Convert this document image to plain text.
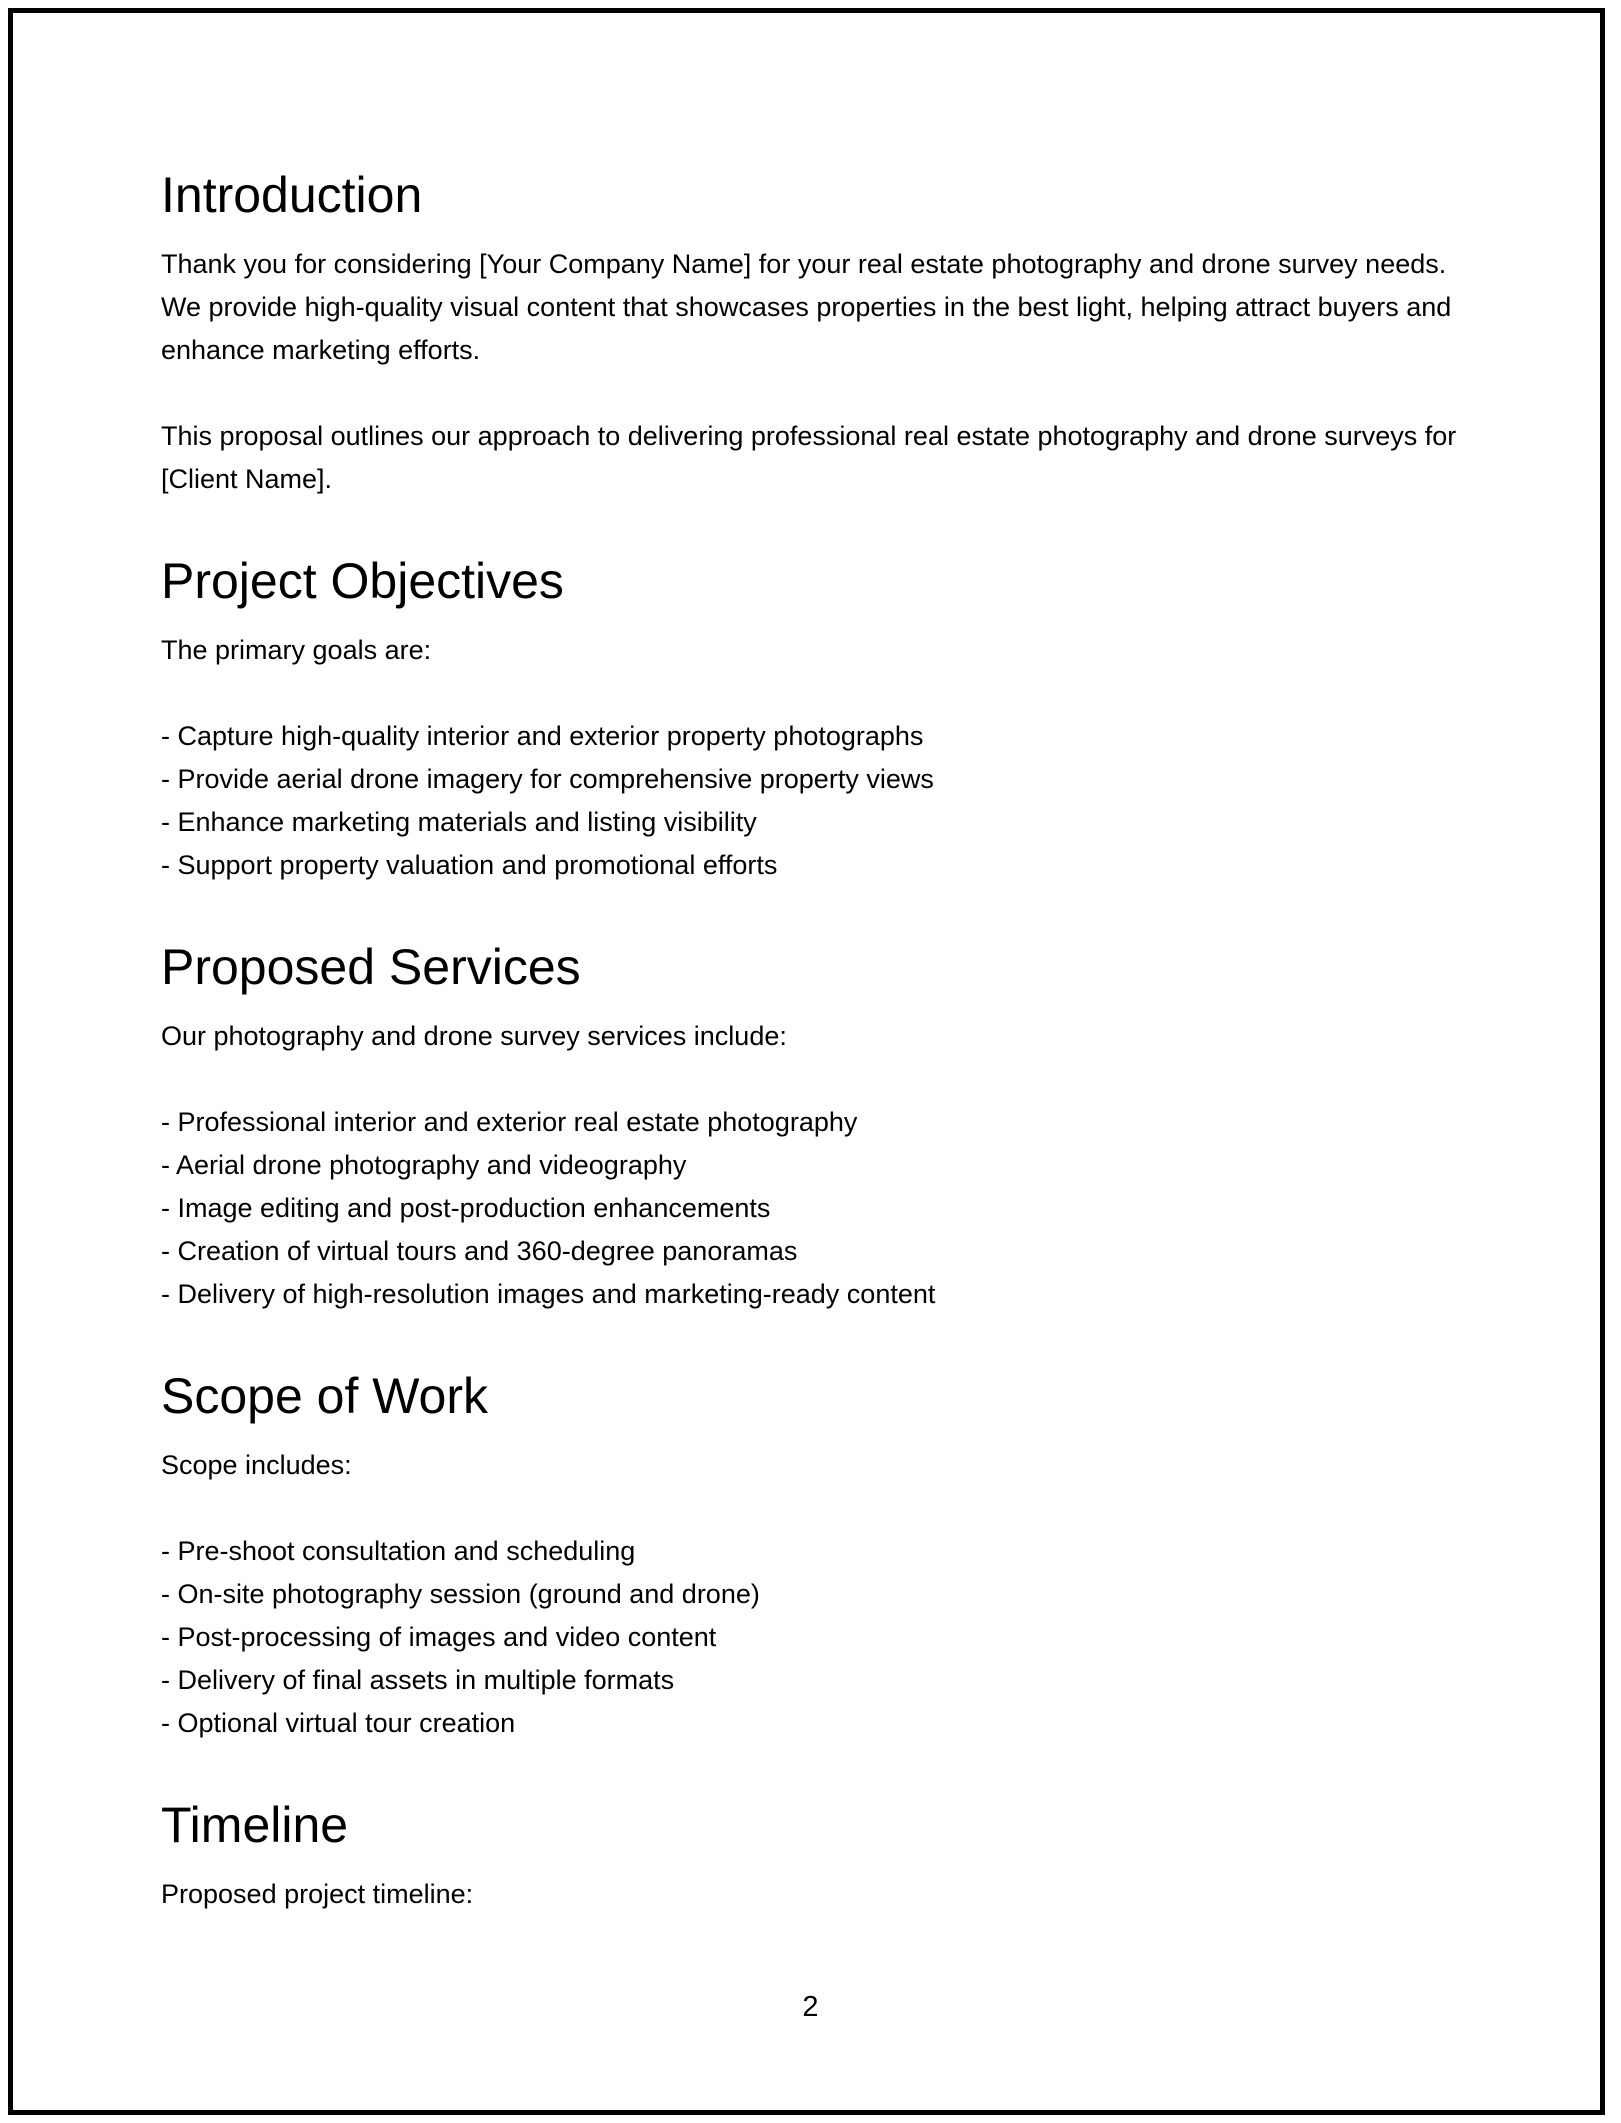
Introduction

Thank you for considering [Your Company Name] for your real estate photography and drone survey needs. We provide high-quality visual content that showcases properties in the best light, helping attract buyers and enhance marketing efforts.

This proposal outlines our approach to delivering professional real estate photography and drone surveys for [Client Name].

Project Objectives

The primary goals are:

- Capture high-quality interior and exterior property photographs
- Provide aerial drone imagery for comprehensive property views
- Enhance marketing materials and listing visibility
- Support property valuation and promotional efforts
Proposed Services

Our photography and drone survey services include:

- Professional interior and exterior real estate photography
- Aerial drone photography and videography
- Image editing and post-production enhancements
- Creation of virtual tours and 360-degree panoramas
- Delivery of high-resolution images and marketing-ready content
Scope of Work

Scope includes:

- Pre-shoot consultation and scheduling
- On-site photography session (ground and drone)
- Post-processing of images and video content
- Delivery of final assets in multiple formats
- Optional virtual tour creation
Timeline

Proposed project timeline:

2
